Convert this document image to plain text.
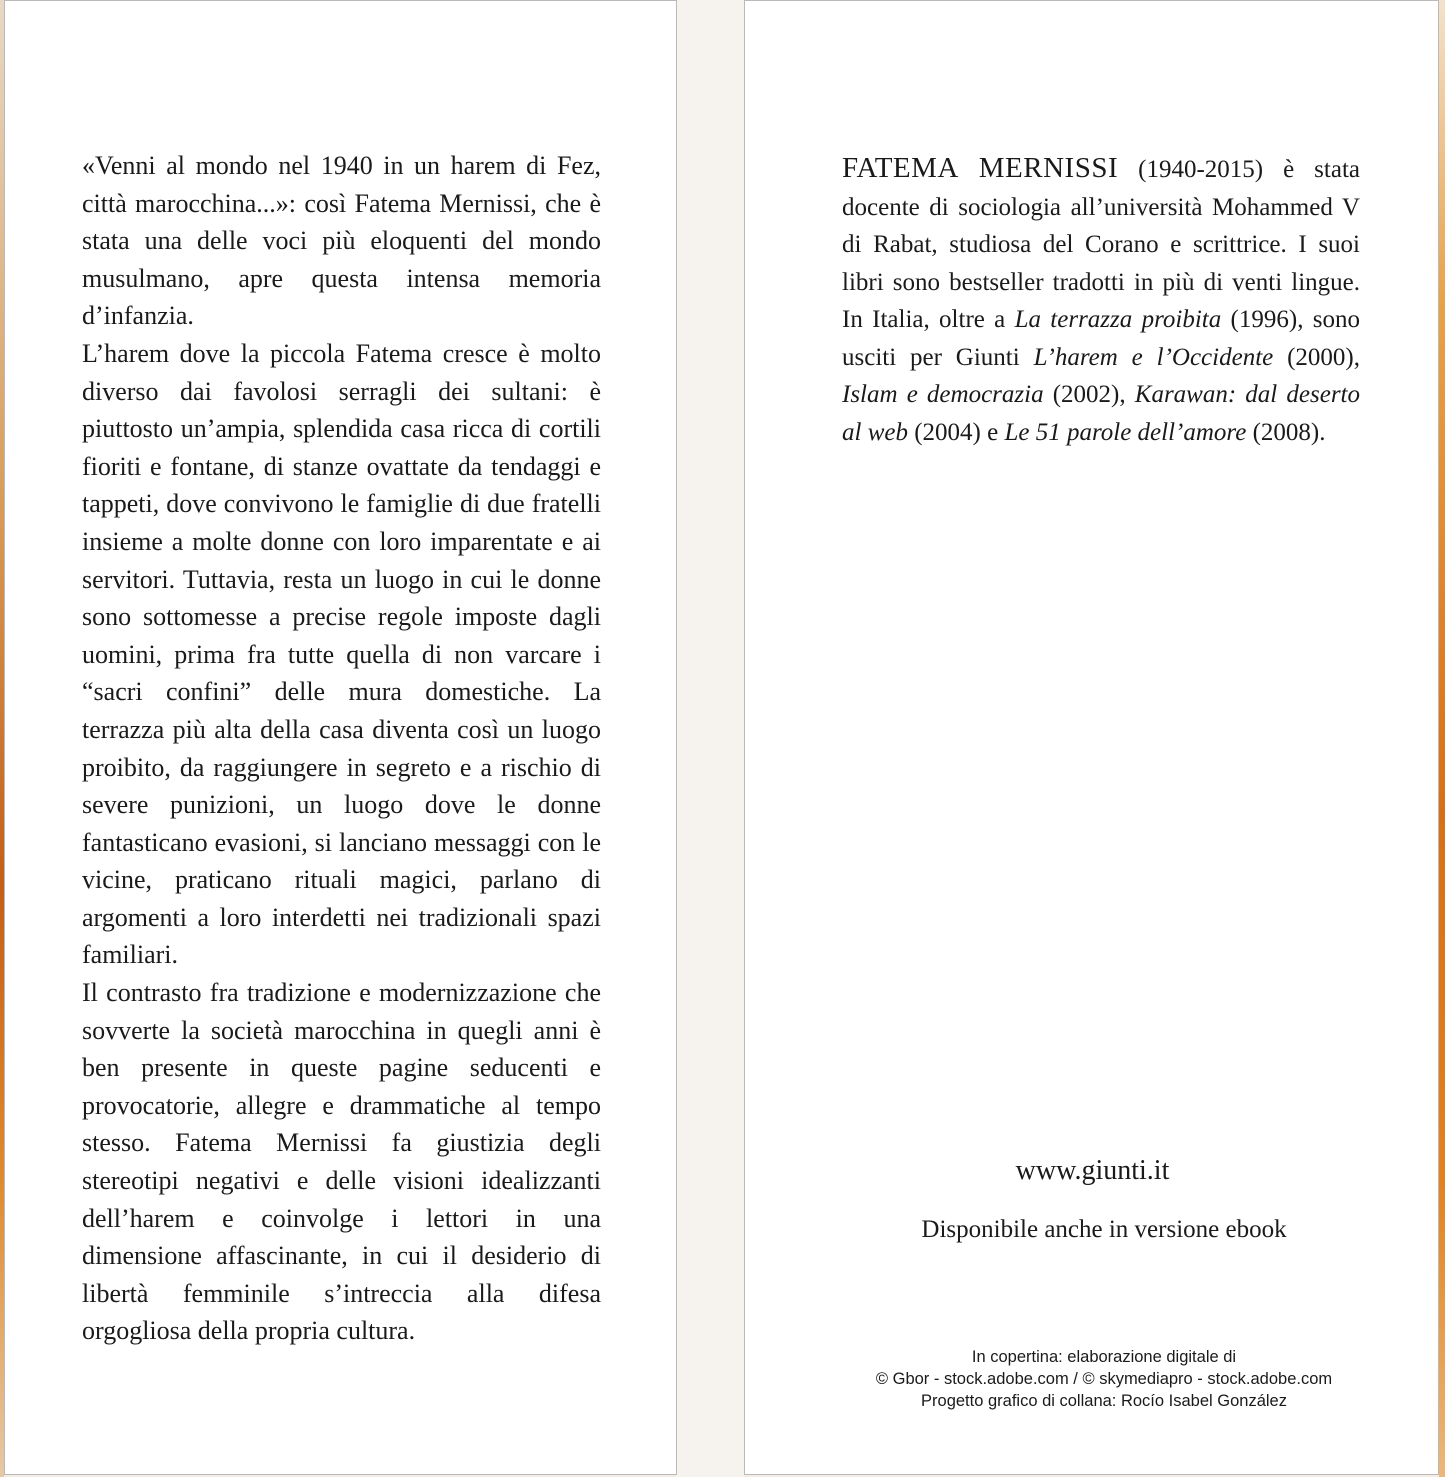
«Venni al mondo nel 1940 in un harem di Fez, città marocchina...»: così Fatema Mernissi, che è stata una delle voci più eloquenti del mondo musulmano, apre questa intensa memoria d’infanzia.

L’harem dove la piccola Fatema cresce è molto diverso dai favolosi serragli dei sultani: è piuttosto un’ampia, splendida casa ricca di cortili fioriti e fontane, di stanze ovattate da tendaggi e tappeti, dove convivono le famiglie di due fratelli insieme a molte donne con loro imparentate e ai servitori. Tuttavia, resta un luogo in cui le donne sono sottomesse a precise regole imposte dagli uomini, prima fra tutte quella di non varcare i “sacri confini” delle mura domestiche. La terrazza più alta della casa diventa così un luogo proibito, da raggiungere in segreto e a rischio di severe punizioni, un luogo dove le donne fantasticano evasioni, si lanciano messaggi con le vicine, praticano rituali magici, parlano di argomenti a loro interdetti nei tradizionali spazi familiari.

Il contrasto fra tradizione e modernizzazione che sovverte la società marocchina in quegli anni è ben presente in queste pagine seducenti e provocatorie, allegre e drammatiche al tempo stesso. Fatema Mernissi fa giustizia degli stereotipi negativi e delle visioni idealizzanti dell’harem e coinvolge i lettori in una dimensione affascinante, in cui il desiderio di libertà femminile s’intreccia alla difesa orgogliosa della propria cultura.

FATEMA MERNISSI (1940-2015) è stata docente di sociologia all’università Mohammed V di Rabat, studiosa del Corano e scrittrice. I suoi libri sono bestseller tradotti in più di venti lingue. In Italia, oltre a La terrazza proibita (1996), sono usciti per Giunti L’harem e l’Occidente (2000), Islam e democrazia (2002), Karawan: dal deserto al web (2004) e Le 51 parole dell’amore (2008).
www.giunti.it
Disponibile anche in versione ebook
In copertina: elaborazione digitale di
© Gbor - stock.adobe.com / © skymediapro - stock.adobe.com
Progetto grafico di collana: Rocío Isabel González
